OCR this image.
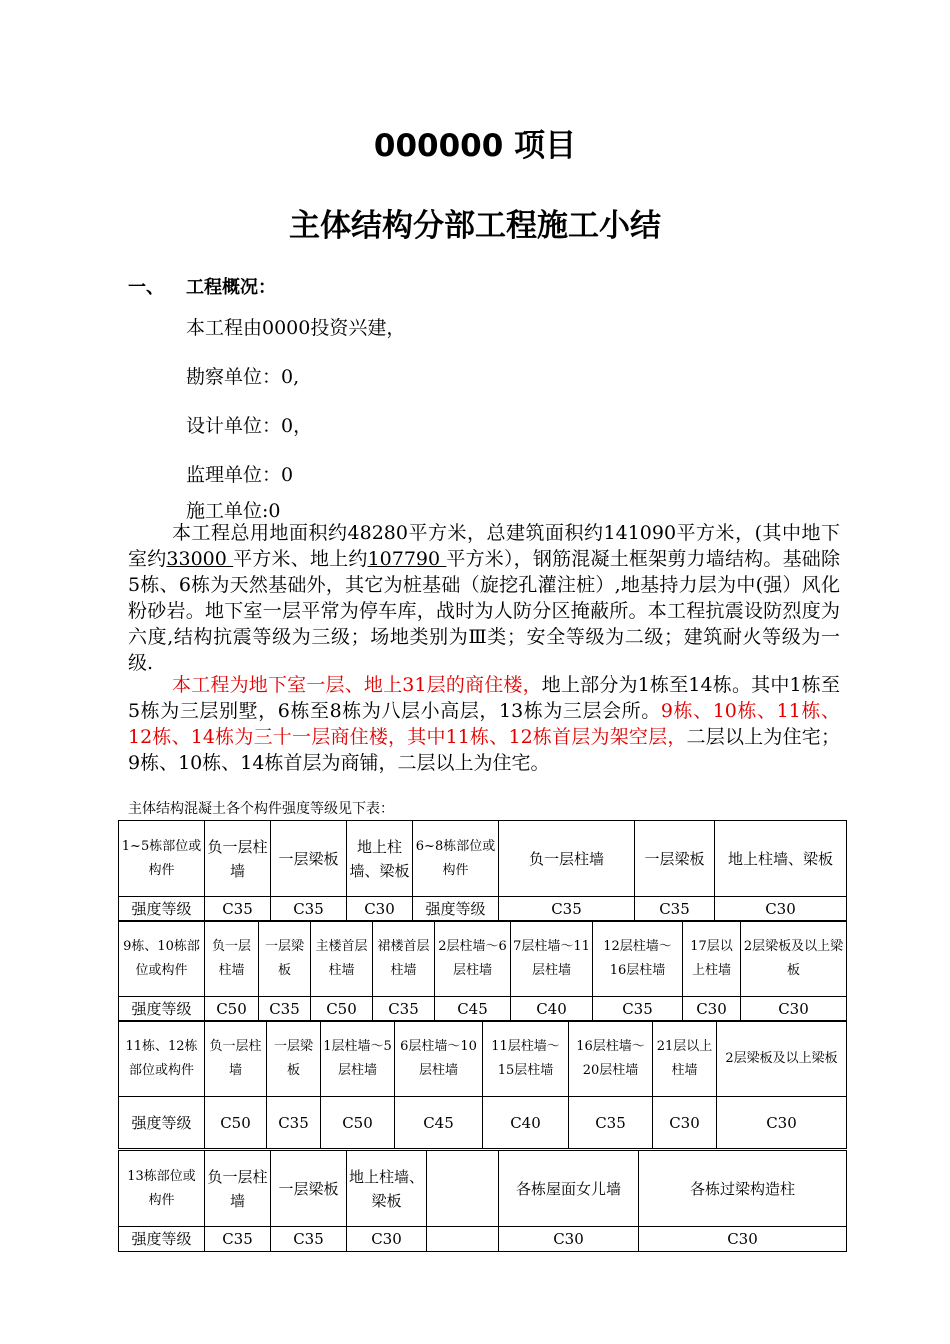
000000 项目
主体结构分部工程施工小结
一、 工程概况：
本工程由0000投资兴建，
勘察单位：0,
设计单位：0，
监理单位：0
施工单位:0
本工程总用地面积约48280平方米，总建筑面积约141090平方米，(其中地下室约33000 平方米、地上约107790 平方米），钢筋混凝土框架剪力墙结构。基础除5栋、6栋为天然基础外，其它为桩基础（旋挖孔灌注桩）,地基持力层为中(强）风化粉砂岩。地下室一层平常为停车库，战时为人防分区掩蔽所。本工程抗震设防烈度为六度,结构抗震等级为三级；场地类别为Ⅲ类；安全等级为二级；建筑耐火等级为一级.
本工程为地下室一层、地上31层的商住楼，地上部分为1栋至14栋。其中1栋至5栋为三层别墅，6栋至8栋为八层小高层，13栋为三层会所。9栋、10栋、11栋、12栋、14栋为三十一层商住楼，其中11栋、12栋首层为架空层，二层以上为住宅；9栋、10栋、14栋首层为商铺，二层以上为住宅。
主体结构混凝土各个构件强度等级见下表：
1~5栋部位或构件	负一层柱墙	一层梁板	地上柱墙、梁板	6~8栋部位或构件	负一层柱墙	一层梁板	地上柱墙、梁板
强度等级	C35	C35	C30	强度等级	C35	C35	C30
9栋、10栋部位或构件	负一层柱墙	一层梁板	主楼首层柱墙	裙楼首层柱墙	2层柱墙～6层柱墙	7层柱墙～11层柱墙	12层柱墙～16层柱墙	17层以上柱墙	2层梁板及以上梁板
强度等级	C50	C35	C50	C35	C45	C40	C35	C30	C30
11栋、12栋部位或构件	负一层柱墙	一层梁板	1层柱墙～5层柱墙	6层柱墙～10层柱墙	11层柱墙～15层柱墙	16层柱墙～20层柱墙	21层以上柱墙	2层梁板及以上梁板
强度等级	C50	C35	C50	C45	C40	C35	C30	C30
13栋部位或构件	负一层柱墙	一层梁板	地上柱墙、梁板		各栋屋面女儿墙	各栋过梁构造柱
强度等级	C35	C35	C30		C30	C30
